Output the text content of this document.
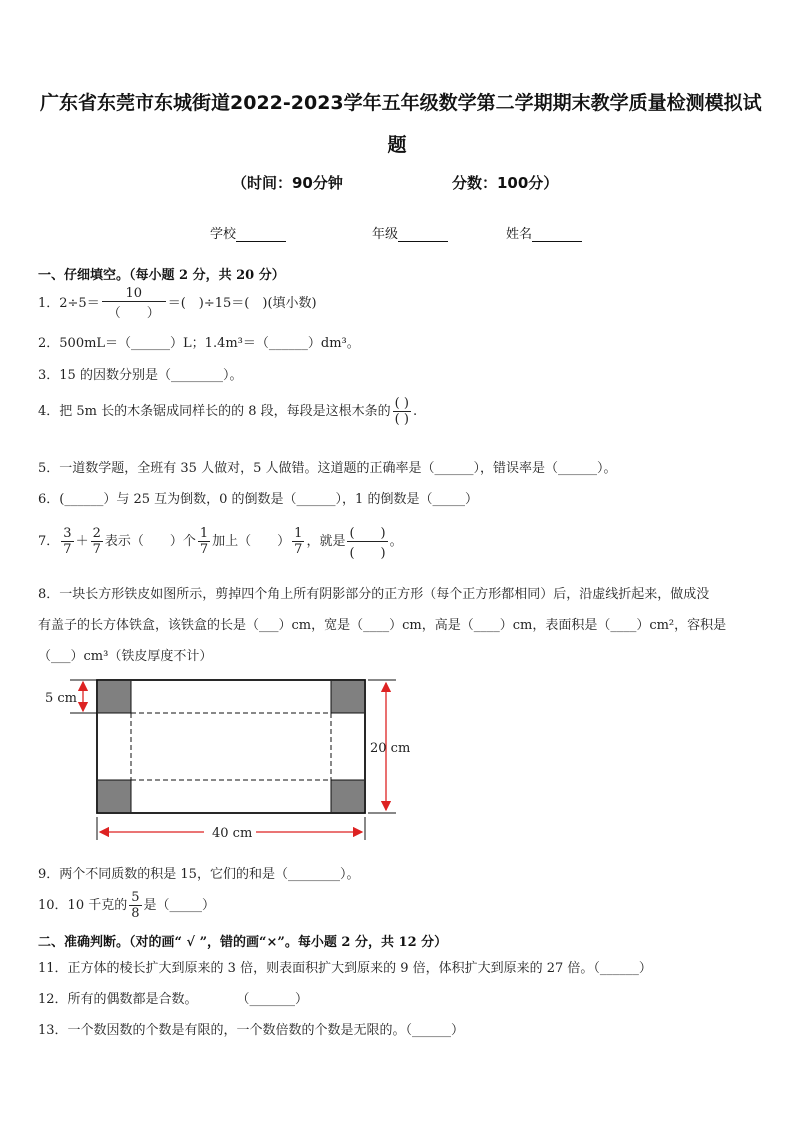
广东省东莞市东城街道2022-2023学年五年级数学第二学期期末教学质量检测模拟试
题
（时间：90分钟	分数：100分）
学校	年级	姓名
一、仔细填空。（每小题 2 分，共 20 分）
1．$2\div 5= \frac{10}{( )}$ ＝(　)÷15＝(　)(填小数)
2．500mL＝（______）L；1.4m³＝（______）dm³。
3．15 的因数分别是（________）。
4．把 5m 长的木条锯成同样长的的 8 段，每段是这根木条的 $\frac{( )}{( )}$ .
5．一道数学题，全班有 35 人做对，5 人做错。这道题的正确率是（______），错误率是（______）。
6．(______）与 25 互为倒数，0 的倒数是（______），1 的倒数是（_____）
7． $\frac{3}{7} + \frac{2}{7}$ 表示（　　）个 $\frac{1}{7}$ 加上（　　） $\frac{1}{7}$ ，就是 $\frac{( )}{( )}$ 。
8．一块长方形铁皮如图所示，剪掉四个角上所有阴影部分的正方形（每个正方形都相同）后，沿虚线折起来，做成没
有盖子的长方体铁盒，该铁盒的长是（___）cm，宽是（____）cm，高是（____）cm，表面积是（____）cm²，容积是
（___）cm³（铁皮厚度不计）
5 cm
20 cm
40 cm
9．两个不同质数的积是 15，它们的和是（________）。
10．10 千克的 $\frac{5}{8}$ 是（_____）
二、准确判断。（对的画“ √ ”，错的画“×”。每小题 2 分，共 12 分）
11．正方体的棱长扩大到原来的 3 倍，则表面积扩大到原来的 9 倍，体积扩大到原来的 27 倍。（______）
12．所有的偶数都是合数。　　　　（_______）
13．一个数因数的个数是有限的，一个数倍数的个数是无限的。（______）
